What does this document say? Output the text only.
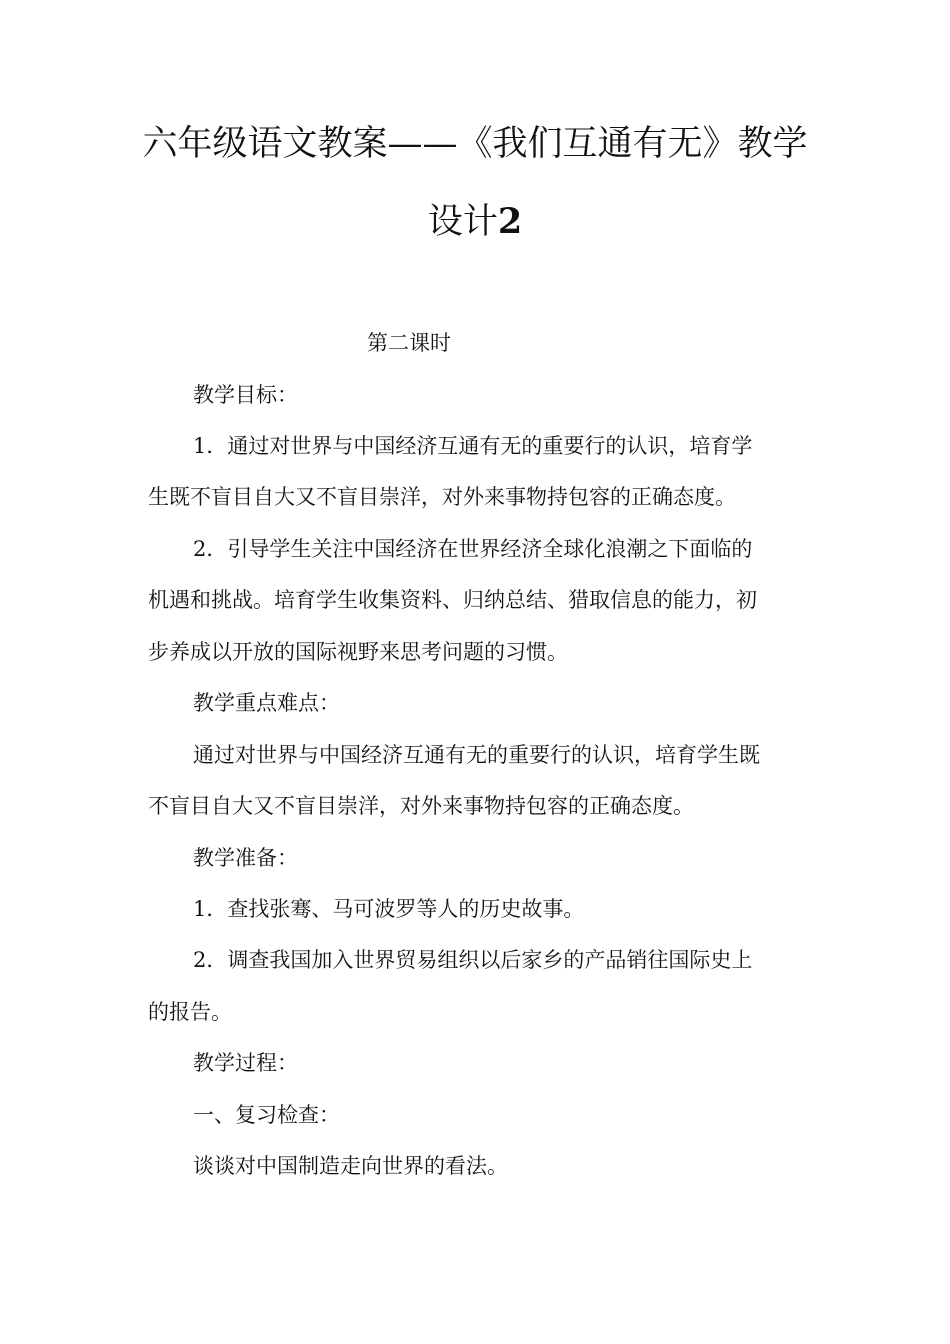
六年级语文教案——《我们互通有无》教学
设计2
第二课时
教学目标：
1．通过对世界与中国经济互通有无的重要行的认识，培育学
生既不盲目自大又不盲目崇洋，对外来事物持包容的正确态度。
2．引导学生关注中国经济在世界经济全球化浪潮之下面临的
机遇和挑战。培育学生收集资料、归纳总结、猎取信息的能力，初
步养成以开放的国际视野来思考问题的习惯。
教学重点难点：
通过对世界与中国经济互通有无的重要行的认识，培育学生既
不盲目自大又不盲目崇洋，对外来事物持包容的正确态度。
教学准备：
1．查找张骞、马可波罗等人的历史故事。
2．调查我国加入世界贸易组织以后家乡的产品销往国际史上
的报告。
教学过程：
一、复习检查：
谈谈对中国制造走向世界的看法。
